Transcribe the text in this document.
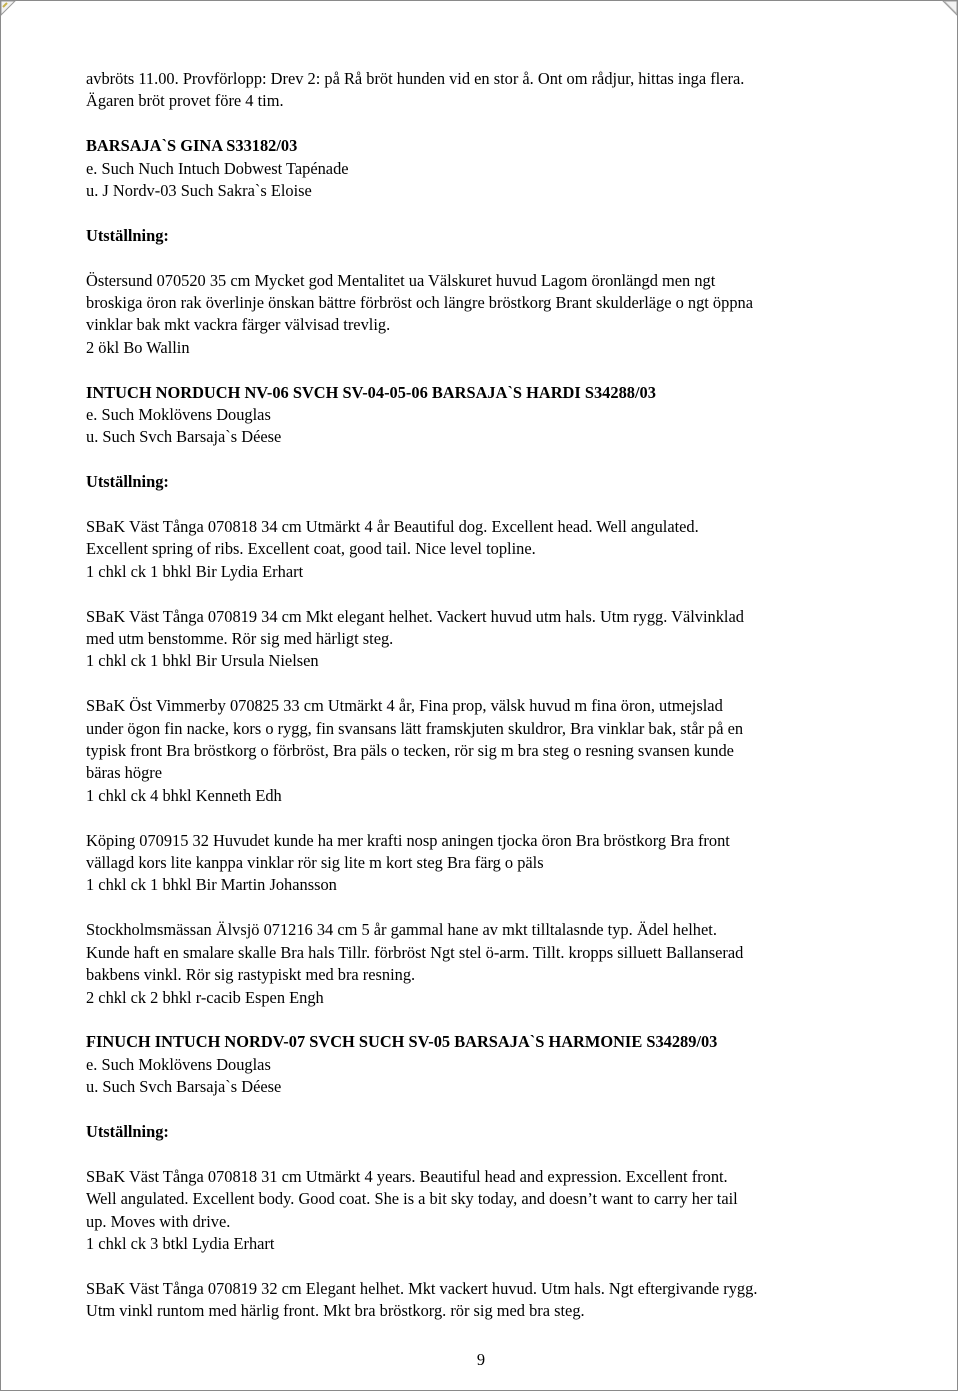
avbröts 11.00. Provförlopp: Drev 2: på Rå bröt hunden vid en stor å. Ont om rådjur, hittas inga flera.
Ägaren bröt provet före 4 tim.
BARSAJA`S GINA S33182/03
e. Such Nuch Intuch Dobwest Tapénade
u. J Nordv-03 Such Sakra`s Eloise
Utställning:
Östersund 070520 35 cm Mycket god Mentalitet ua Välskuret huvud Lagom öronlängd men ngt
broskiga öron rak överlinje önskan bättre förbröst och längre bröstkorg Brant skulderläge o ngt öppna
vinklar bak mkt vackra färger välvisad trevlig.
2 ökl Bo Wallin
INTUCH NORDUCH NV-06 SVCH SV-04-05-06 BARSAJA`S HARDI S34288/03
e. Such Moklövens Douglas
u. Such Svch Barsaja`s Déese
Utställning:
SBaK Väst Tånga 070818 34 cm Utmärkt 4 år Beautiful dog. Excellent head. Well angulated.
Excellent spring of ribs. Excellent coat, good tail. Nice level topline.
1 chkl ck 1 bhkl Bir Lydia Erhart
SBaK Väst Tånga 070819 34 cm Mkt elegant helhet. Vackert huvud utm hals. Utm rygg. Välvinklad
med utm benstomme. Rör sig med härligt steg.
1 chkl ck 1 bhkl Bir Ursula Nielsen
SBaK Öst Vimmerby 070825 33 cm Utmärkt 4 år, Fina prop, välsk huvud m fina öron, utmejslad
under ögon fin nacke, kors o rygg, fin svansans lätt framskjuten skuldror, Bra vinklar bak, står på en
typisk front Bra bröstkorg o förbröst, Bra päls o tecken, rör sig m bra steg o resning svansen kunde
bäras högre
1 chkl ck 4 bhkl Kenneth Edh
Köping 070915 32 Huvudet kunde ha mer krafti nosp aningen tjocka öron Bra bröstkorg Bra front
vällagd kors lite kanppa vinklar rör sig lite m kort steg Bra färg o päls
1 chkl ck 1 bhkl Bir Martin Johansson
Stockholmsmässan Älvsjö 071216 34 cm 5 år gammal hane av mkt tilltalasnde typ. Ädel helhet.
Kunde haft en smalare skalle Bra hals Tillr. förbröst Ngt stel ö-arm. Tillt. kropps silluett Ballanserad
bakbens vinkl. Rör sig rastypiskt med bra resning.
2 chkl ck 2 bhkl r-cacib Espen Engh
FINUCH INTUCH NORDV-07 SVCH SUCH SV-05 BARSAJA`S HARMONIE S34289/03
e. Such Moklövens Douglas
u. Such Svch Barsaja`s Déese
Utställning:
SBaK Väst Tånga 070818 31 cm Utmärkt 4 years. Beautiful head and expression. Excellent front.
Well angulated. Excellent body. Good coat. She is a bit sky today, and doesn’t want to carry her tail
up. Moves with drive.
1 chkl ck 3 btkl Lydia Erhart
SBaK Väst Tånga 070819 32 cm Elegant helhet. Mkt vackert huvud. Utm hals. Ngt eftergivande rygg.
Utm vinkl runtom med härlig front. Mkt bra bröstkorg. rör sig med bra steg.
9
